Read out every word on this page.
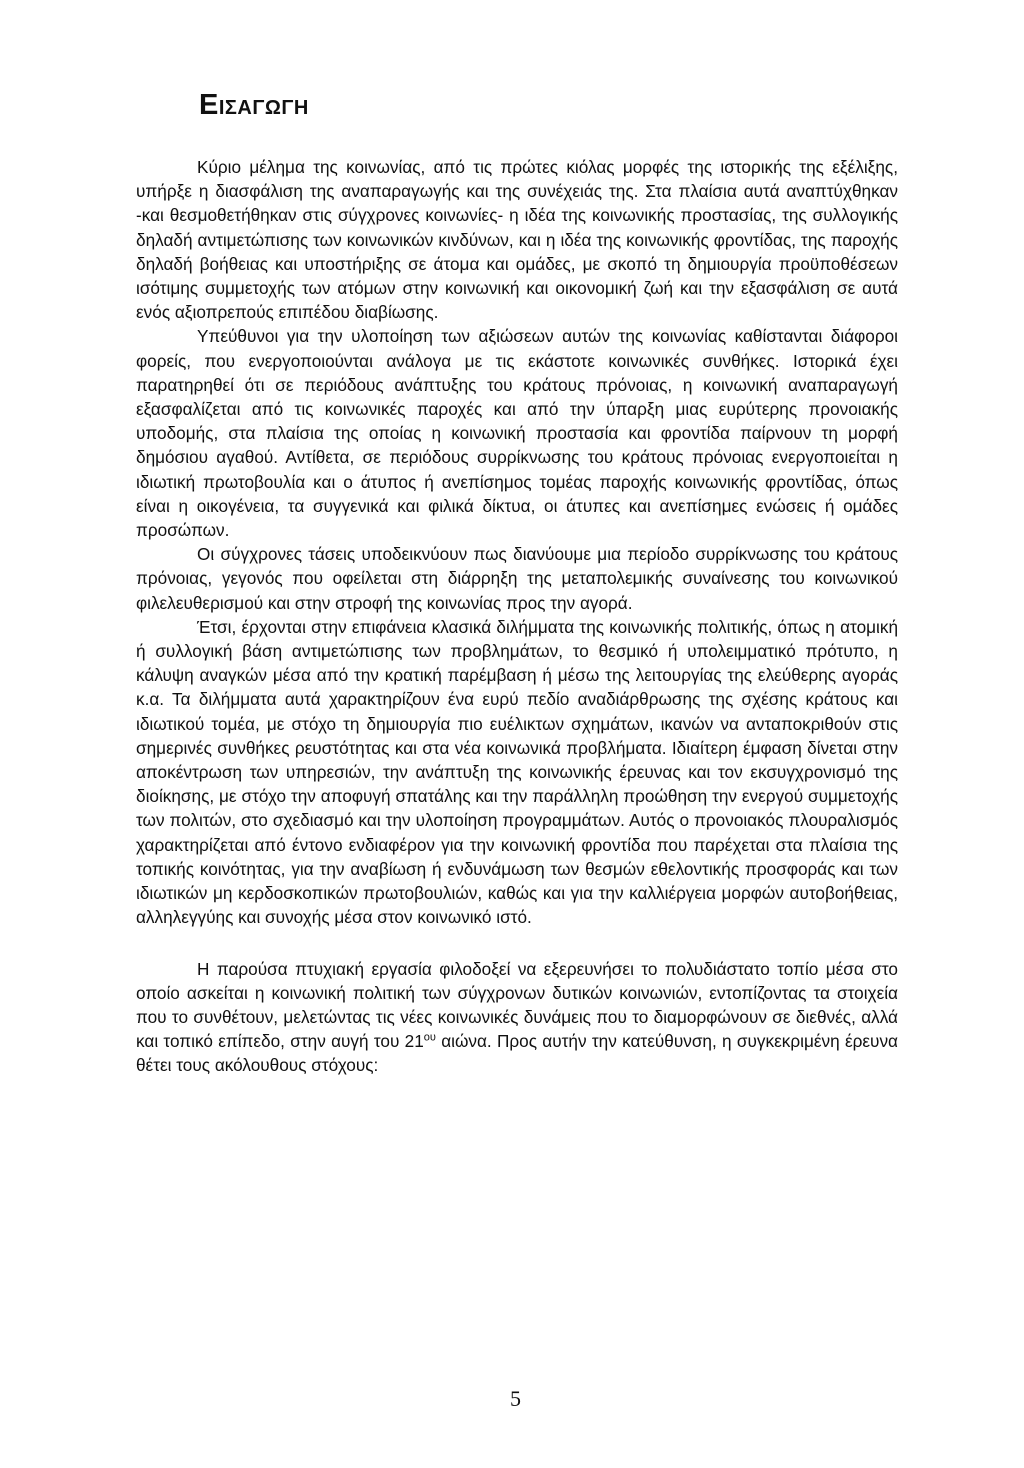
Εισαγωγη

Κύριο μέλημα της κοινωνίας, από τις πρώτες κιόλας μορφές της ιστορικής της εξέλιξης, υπήρξε η διασφάλιση της αναπαραγωγής και της συνέχειάς της. Στα πλαίσια αυτά αναπτύχθηκαν -και θεσμοθετήθηκαν στις σύγχρονες κοινωνίες- η ιδέα της κοινωνικής προστασίας, της συλλογικής δηλαδή αντιμετώπισης των κοινωνικών κινδύνων, και η ιδέα της κοινωνικής φροντίδας, της παροχής δηλαδή βοήθειας και υποστήριξης σε άτομα και ομάδες, με σκοπό τη δημιουργία προϋποθέσεων ισότιμης συμμετοχής των ατόμων στην κοινωνική και οικονομική ζωή και την εξασφάλιση σε αυτά ενός αξιοπρεπούς επιπέδου διαβίωσης.

Υπεύθυνοι για την υλοποίηση των αξιώσεων αυτών της κοινωνίας καθίστανται διάφοροι φορείς, που ενεργοποιούνται ανάλογα με τις εκάστοτε κοινωνικές συνθήκες. Ιστορικά έχει παρατηρηθεί ότι σε περιόδους ανάπτυξης του κράτους πρόνοιας, η κοινωνική αναπαραγωγή εξασφαλίζεται από τις κοινωνικές παροχές και από την ύπαρξη μιας ευρύτερης προνοιακής υποδομής, στα πλαίσια της οποίας η κοινωνική προστασία και φροντίδα παίρνουν τη μορφή δημόσιου αγαθού. Αντίθετα, σε περιόδους συρρίκνωσης του κράτους πρόνοιας ενεργοποιείται η ιδιωτική πρωτοβουλία και ο άτυπος ή ανεπίσημος τομέας παροχής κοινωνικής φροντίδας, όπως είναι η οικογένεια, τα συγγενικά και φιλικά δίκτυα, οι άτυπες και ανεπίσημες ενώσεις ή ομάδες προσώπων.

Οι σύγχρονες τάσεις υποδεικνύουν πως διανύουμε μια περίοδο συρρίκνωσης του κράτους πρόνοιας, γεγονός που οφείλεται στη διάρρηξη της μεταπολεμικής συναίνεσης του κοινωνικού φιλελευθερισμού και στην στροφή της κοινωνίας προς την αγορά.

Έτσι, έρχονται στην επιφάνεια κλασικά διλήμματα της κοινωνικής πολιτικής, όπως η ατομική ή συλλογική βάση αντιμετώπισης των προβλημάτων, το θεσμικό ή υπολειμματικό πρότυπο, η κάλυψη αναγκών μέσα από την κρατική παρέμβαση ή μέσω της λειτουργίας της ελεύθερης αγοράς κ.α. Τα διλήμματα αυτά χαρακτηρίζουν ένα ευρύ πεδίο αναδιάρθρωσης της σχέσης κράτους και ιδιωτικού τομέα, με στόχο τη δημιουργία πιο ευέλικτων σχημάτων, ικανών να ανταποκριθούν στις σημερινές συνθήκες ρευστότητας και στα νέα κοινωνικά προβλήματα. Ιδιαίτερη έμφαση δίνεται στην αποκέντρωση των υπηρεσιών, την ανάπτυξη της κοινωνικής έρευνας και τον εκσυγχρονισμό της διοίκησης, με στόχο την αποφυγή σπατάλης και την παράλληλη προώθηση την ενεργού συμμετοχής των πολιτών, στο σχεδιασμό και την υλοποίηση προγραμμάτων. Αυτός ο προνοιακός πλουραλισμός χαρακτηρίζεται από έντονο ενδιαφέρον για την κοινωνική φροντίδα που παρέχεται στα πλαίσια της τοπικής κοινότητας, για την αναβίωση ή ενδυνάμωση των θεσμών εθελοντικής προσφοράς και των ιδιωτικών μη κερδοσκοπικών πρωτοβουλιών, καθώς και για την καλλιέργεια μορφών αυτοβοήθειας, αλληλεγγύης και συνοχής μέσα στον κοινωνικό ιστό.

Η παρούσα πτυχιακή εργασία φιλοδοξεί να εξερευνήσει το πολυδιάστατο τοπίο μέσα στο οποίο ασκείται η κοινωνική πολιτική των σύγχρονων δυτικών κοινωνιών, εντοπίζοντας τα στοιχεία που το συνθέτουν, μελετώντας τις νέες κοινωνικές δυνάμεις που το διαμορφώνουν σε διεθνές, αλλά και τοπικό επίπεδο, στην αυγή του $21^{o\upsilon}$ αιώνα. Προς αυτήν την κατεύθυνση, η συγκεκριμένη έρευνα θέτει τους ακόλουθους στόχους:

5
